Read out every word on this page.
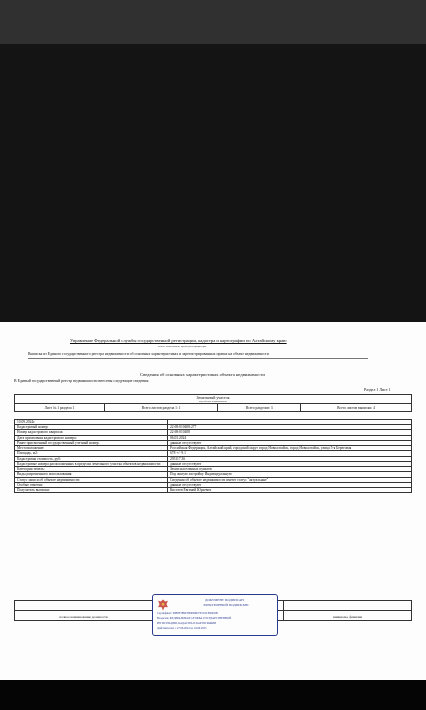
Управление Федеральной службы государственной регистрации, кадастра и картографии по Алтайскому краю
полное наименование органа регистрации прав
Выписка из Единого государственного реестра недвижимости об основных характеристиках и зарегистрированных правах на объект недвижимости
Сведения об основных характеристиках объекта недвижимости
В Единый государственный реестр недвижимости внесены следующие сведения:
Раздел 1 Лист 1
Земельный участок
вид объекта недвижимости

Лист № 1 раздела 1	Всего листов раздела 1: 1	Всего разделов: 3	Всего листов выписки: 4
10.09.2024г.	
Кадастровый номер:	22:69:010408:277
Номер кадастрового квартала:	22:69:010408
Дата присвоения кадастрового номера:	06.03.2024
Ранее присвоенный государственный учетный номер:	данные отсутствуют
Местоположение:	Российская Федерация, Алтайский край, городской округ город Новоалтайск, город Новоалтайск, улица 5-я Береговая
Площадь, м2:	678 +/- 9.1
Кадастровая стоимость, руб:	295117.36
Кадастровые номера расположенных в пределах земельного участка объектов недвижимости:	данные отсутствуют
Категория земель:	Земли населенных пунктов
Виды разрешенного использования:	Под жилую застройку Индивидуальную
Статус записи об объекте недвижимости:	Сведения об объекте недвижимости имеют статус "актуальные"
Особые отметки:	данные отсутствуют
Получатель выписки:	Киселев Евгений Юрьевич

полное наименование должности		инициалы, фамилия
ДОКУМЕНТ ПОДПИСАН
ЭЛЕКТРОННОЙ ПОДПИСЬЮ
Сертификат: 00B8F5B9E38D0D6D7F2C6CB26D2B
Владелец: ФЕДЕРАЛЬНАЯ СЛУЖБА ГОСУДАРСТВЕННОЙ
РЕГИСТРАЦИИ, КАДАСТРА И КАРТОГРАФИИ
Действителен: с 27.06.2024 по 19.09.2025
